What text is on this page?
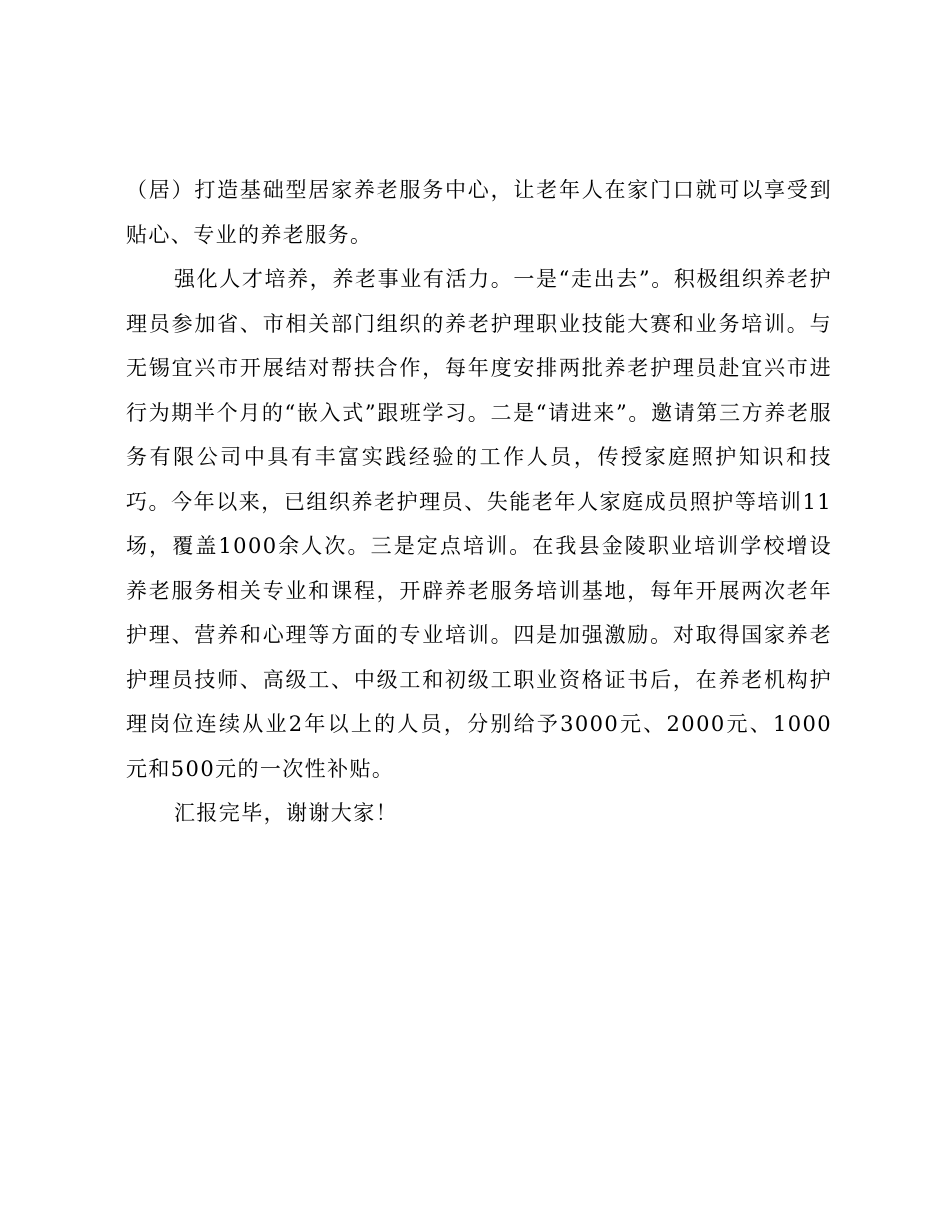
（居）打造基础型居家养老服务中心，让老年人在家门口就可以享受到贴心、专业的养老服务。

强化人才培养，养老事业有活力。一是“走出去”。积极组织养老护理员参加省、市相关部门组织的养老护理职业技能大赛和业务培训。与无锡宜兴市开展结对帮扶合作，每年度安排两批养老护理员赴宜兴市进行为期半个月的“嵌入式”跟班学习。二是“请进来”。邀请第三方养老服务有限公司中具有丰富实践经验的工作人员，传授家庭照护知识和技巧。今年以来，已组织养老护理员、失能老年人家庭成员照护等培训11场，覆盖1000余人次。三是定点培训。在我县金陵职业培训学校增设养老服务相关专业和课程，开辟养老服务培训基地，每年开展两次老年护理、营养和心理等方面的专业培训。四是加强激励。对取得国家养老护理员技师、高级工、中级工和初级工职业资格证书后，在养老机构护理岗位连续从业2年以上的人员，分别给予3000元、2000元、1000元和500元的一次性补贴。

汇报完毕，谢谢大家！
